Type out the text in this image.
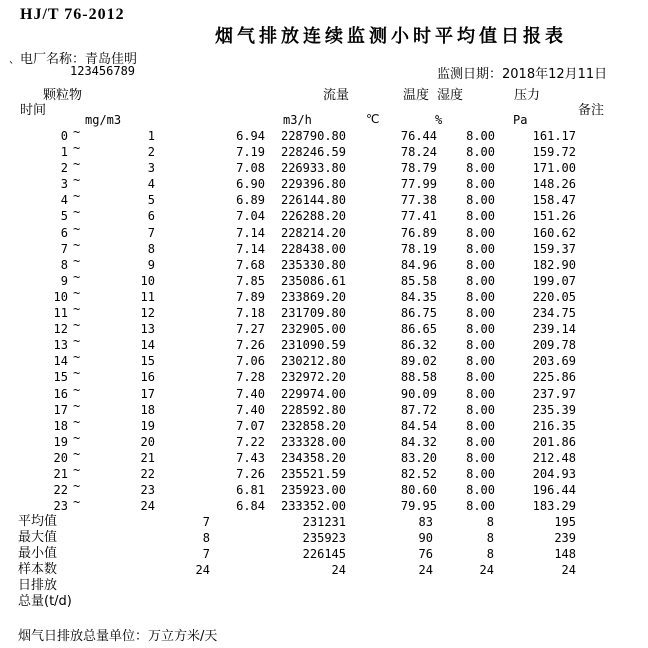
HJ/T 76-2012
烟气排放连续监测小时平均值日报表
电厂名称：青岛佳明
`	123456789	监测日期：2018年12月11日
颗粒物
时间
流量	温度 湿度	压力
备注
mg/m3	m3/h	℃	%	Pa
0 ~	1	6.94	228790.80	76.44	8.00	161.17
1 ~	2	7.19	228246.59	78.24	8.00	159.72
2 ~	3	7.08	226933.80	78.79	8.00	171.00
3 ~	4	6.90	229396.80	77.99	8.00	148.26
4 ~	5	6.89	226144.80	77.38	8.00	158.47
5 ~	6	7.04	226288.20	77.41	8.00	151.26
6 ~	7	7.14	228214.20	76.89	8.00	160.62
7 ~	8	7.14	228438.00	78.19	8.00	159.37
8 ~	9	7.68	235330.80	84.96	8.00	182.90
9 ~	10	7.85	235086.61	85.58	8.00	199.07
10 ~	11	7.89	233869.20	84.35	8.00	220.05
11 ~	12	7.18	231709.80	86.75	8.00	234.75
12 ~	13	7.27	232905.00	86.65	8.00	239.14
13 ~	14	7.26	231090.59	86.32	8.00	209.78
14 ~	15	7.06	230212.80	89.02	8.00	203.69
15 ~	16	7.28	232972.20	88.58	8.00	225.86
16 ~	17	7.40	229974.00	90.09	8.00	237.97
17 ~	18	7.40	228592.80	87.72	8.00	235.39
18 ~	19	7.07	232858.20	84.54	8.00	216.35
19 ~	20	7.22	233328.00	84.32	8.00	201.86
20 ~	21	7.43	234358.20	83.20	8.00	212.48
21 ~	22	7.26	235521.59	82.52	8.00	204.93
22 ~	23	6.81	235923.00	80.60	8.00	196.44
23 ~	24	6.84	233352.00	79.95	8.00	183.29
平均值	7	231231	83	8	195
最大值	8	235923	90	8	239
最小值	7	226145	76	8	148
样本数	24	24	24	24	24
日排放
总量(t/d)
烟气日排放总量单位：万立方米/天
